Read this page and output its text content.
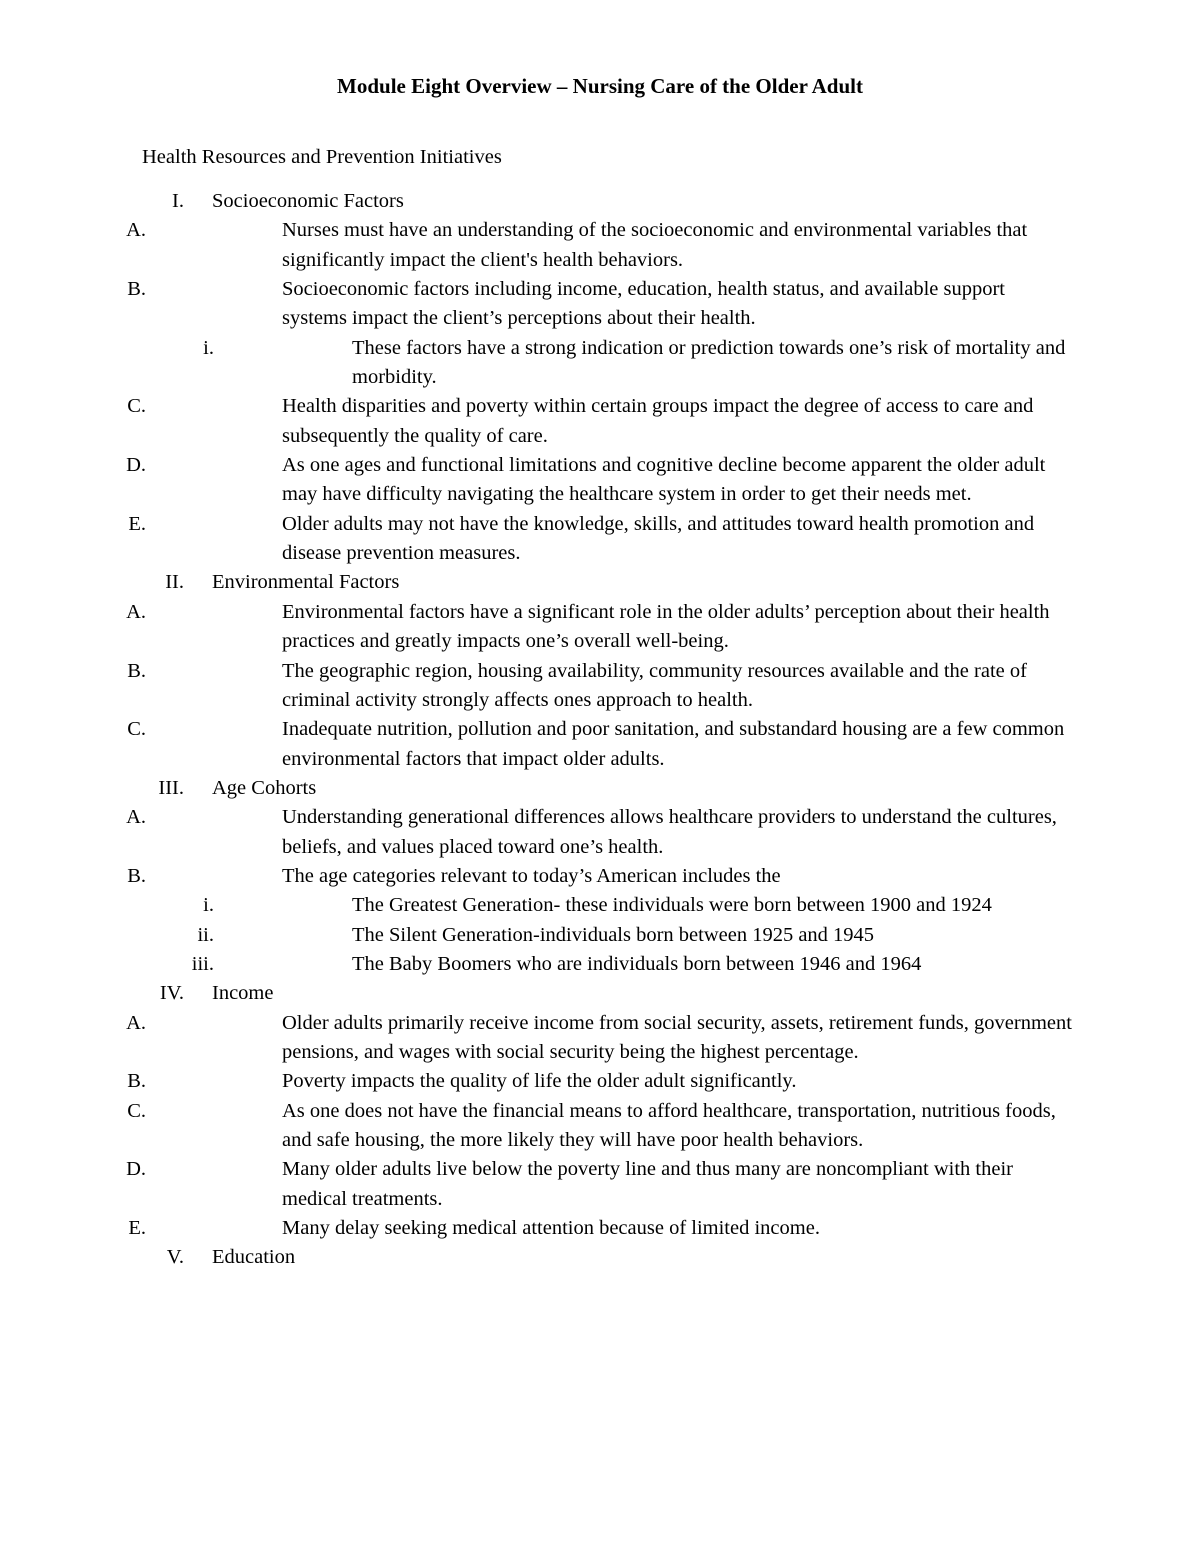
Module Eight Overview – Nursing Care of the Older Adult
Health Resources and Prevention Initiatives
I. Socioeconomic Factors
A.	Nurses must have an understanding of the socioeconomic and environmental variables that significantly impact the client's health behaviors.
B.	Socioeconomic factors including income, education, health status, and available support systems impact the client’s perceptions about their health.
i.	These factors have a strong indication or prediction towards one’s risk of mortality and morbidity.
C.	Health disparities and poverty within certain groups impact the degree of access to care and subsequently the quality of care.
D.	As one ages and functional limitations and cognitive decline become apparent the older adult may have difficulty navigating the healthcare system in order to get their needs met.
E.	Older adults may not have the knowledge, skills, and attitudes toward health promotion and disease prevention measures.
II. Environmental Factors
A.	Environmental factors have a significant role in the older adults’ perception about their health practices and greatly impacts one’s overall well-being.
B.	The geographic region, housing availability, community resources available and the rate of criminal activity strongly affects ones approach to health.
C.	Inadequate nutrition, pollution and poor sanitation, and substandard housing are a few common environmental factors that impact older adults.
III. Age Cohorts
A.	Understanding generational differences allows healthcare providers to understand the cultures, beliefs, and values placed toward one’s health.
B.	The age categories relevant to today’s American includes the
i.	The Greatest Generation- these individuals were born between 1900 and 1924
ii.	The Silent Generation-individuals born between 1925 and 1945
iii.	The Baby Boomers who are individuals born between 1946 and 1964
IV. Income
A.	Older adults primarily receive income from social security, assets, retirement funds, government pensions, and wages with social security being the highest percentage.
B.	Poverty impacts the quality of life the older adult significantly.
C.	As one does not have the financial means to afford healthcare, transportation, nutritious foods, and safe housing, the more likely they will have poor health behaviors.
D.	Many older adults live below the poverty line and thus many are noncompliant with their medical treatments.
E.	Many delay seeking medical attention because of limited income.
V. Education
